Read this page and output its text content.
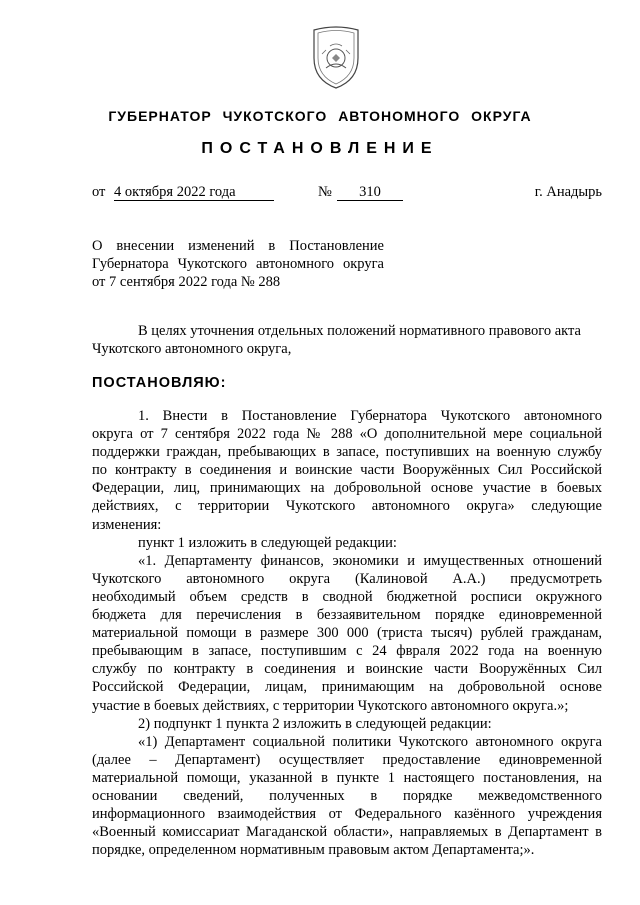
ГУБЕРНАТОР ЧУКОТСКОГО АВТОНОМНОГО ОКРУГА
ПОСТАНОВЛЕНИЕ
от 4 октября 2022 года	№	310	г. Анадырь
О внесении изменений в Постановление
Губернатора Чукотского автономного округа
от 7 сентября 2022 года № 288
В целях уточнения отдельных положений нормативного правового акта
Чукотского автономного округа,
ПОСТАНОВЛЯЮ:
1. Внести в Постановление Губернатора Чукотского автономного
округа от 7 сентября 2022 года № 288 «О дополнительной мере социальной
поддержки граждан, пребывающих в запасе, поступивших на военную службу
по контракту в соединения и воинские части Вооружённых Сил Российской
Федерации, лиц, принимающих на добровольной основе участие в боевых
действиях, с территории Чукотского автономного округа» следующие
изменения:
пункт 1 изложить в следующей редакции:
«1. Департаменту финансов, экономики и имущественных отношений
Чукотского автономного округа (Калиновой А.А.) предусмотреть
необходимый объем средств в сводной бюджетной росписи окружного
бюджета для перечисления в беззаявительном порядке единовременной
материальной помощи в размере 300 000 (триста тысяч) рублей гражданам,
пребывающим в запасе, поступившим с 24 фвраля 2022 года на военную
службу по контракту в соединения и воинские части Вооружённых Сил
Российской Федерации, лицам, принимающим на добровольной основе
участие в боевых действиях, с территории Чукотского автономного округа.»;
2) подпункт 1 пункта 2 изложить в следующей редакции:
«1) Департамент социальной политики Чукотского автономного округа
(далее – Департамент) осуществляет предоставление единовременной
материальной помощи, указанной в пункте 1 настоящего постановления, на
основании сведений, полученных в порядке межведомственного
информационного взаимодействия от Федерального казённого учреждения
«Военный комиссариат Магаданской области», направляемых в Департамент в
порядке, определенном нормативным правовым актом Департамента;».
